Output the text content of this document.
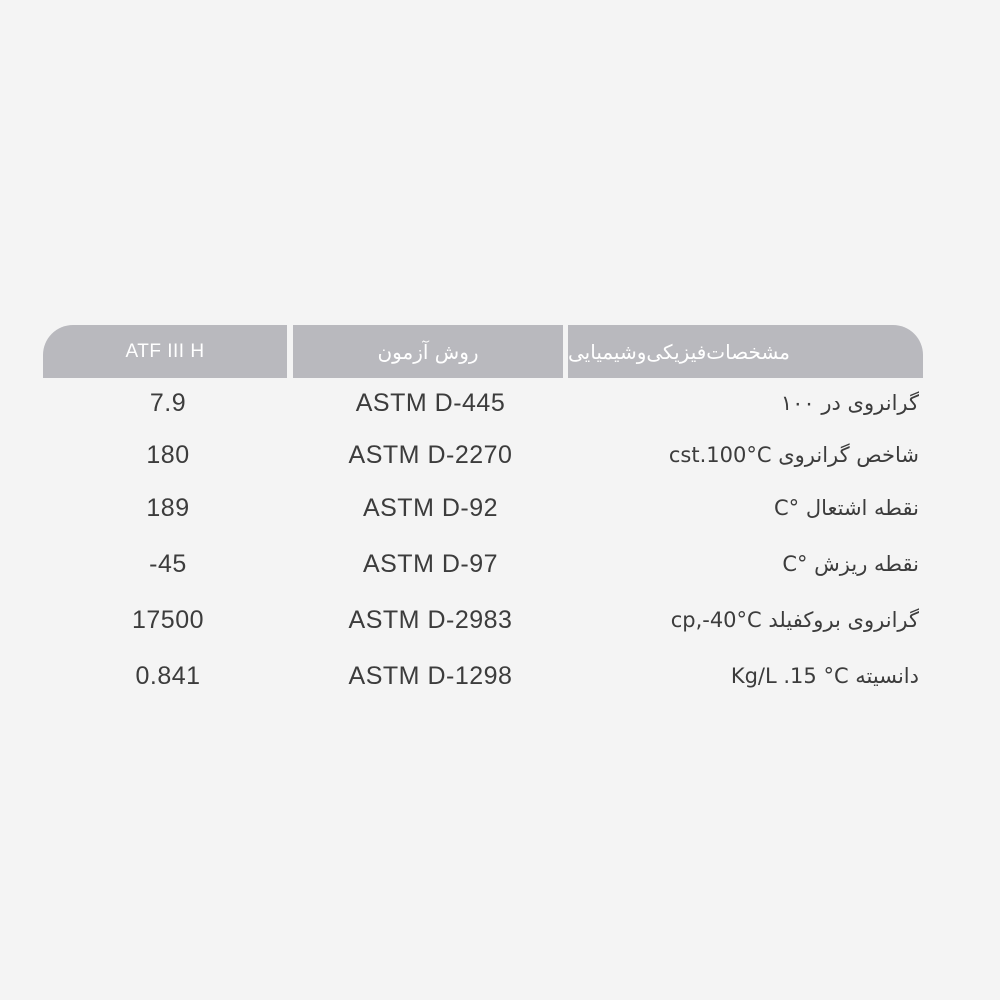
ATF III H	روش آزمون	مشخصات‌فیزیکی‌وشیمیایی
7.9	ASTM D-445	گرانروی در ۱۰۰
180	ASTM D-2270	شاخص گرانروی cst.100°C
189	ASTM D-92	نقطه اشتعال °C
-45	ASTM D-97	نقطه ریزش °C
17500	ASTM D-2983	گرانروی بروکفیلد cp,-40°C
0.841	ASTM D-1298	دانسیته Kg/L .15 °C
